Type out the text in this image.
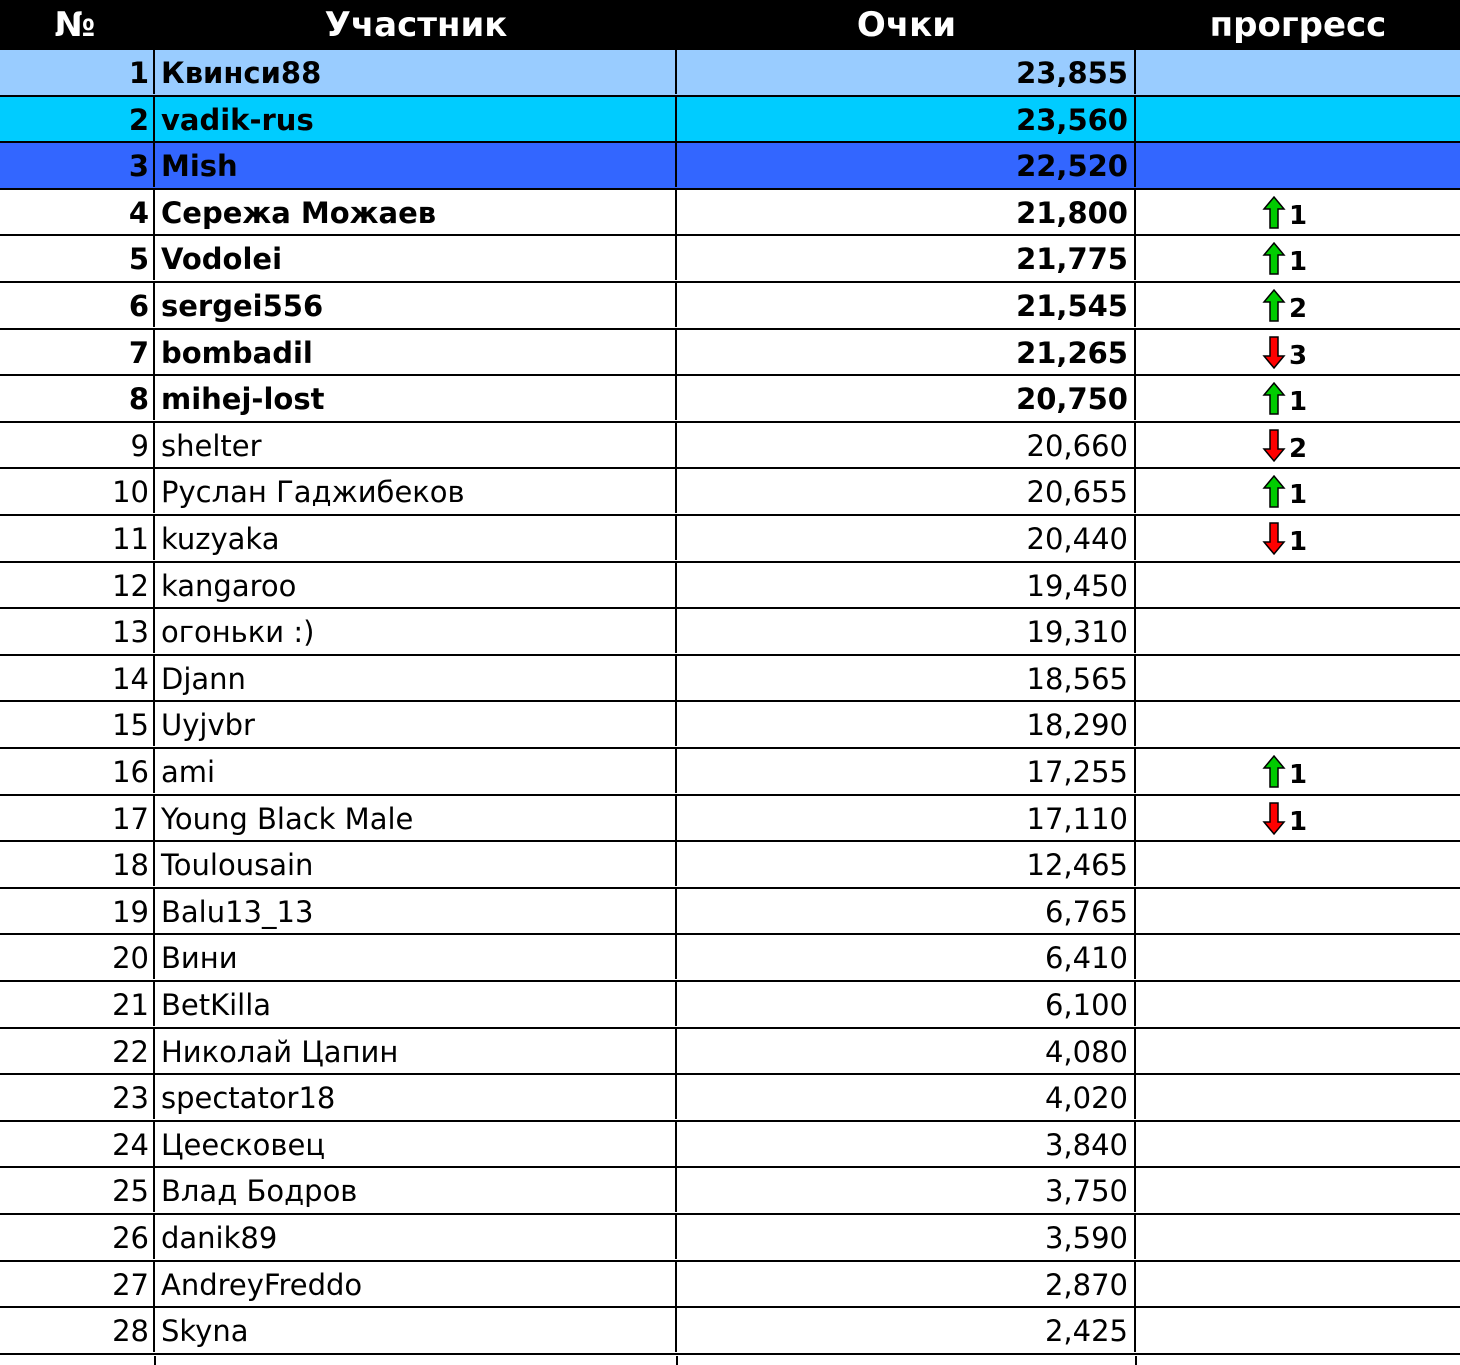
№	Участник	Очки	прогресс
1 Квинси88	23,855
2 vadik-rus	23,560
3 Mish	22,520
4 Сережа Можаев	21,800	1
5 Vodolei	21,775	1
6 sergei556	21,545	2
7 bombadil	21,265	3
8 mihej-lost	20,750	1
9 shelter	20,660	2
10 Руслан Гаджибеков	20,655	1
11 kuzyaka	20,440	1
12 kangaroo	19,450
13 огоньки :)	19,310
14 Djann	18,565
15 Uyjvbr	18,290
16 ami	17,255	1
17 Young Black Male	17,110	1
18 Toulousain	12,465
19 Balu13_13	6,765
20 Вини	6,410
21 BetKilla	6,100
22 Николай Цапин	4,080
23 spectator18	4,020
24 Цеесковец	3,840
25 Влад Бодров	3,750
26 danik89	3,590
27 AndreyFreddo	2,870
28 Skyna	2,425
